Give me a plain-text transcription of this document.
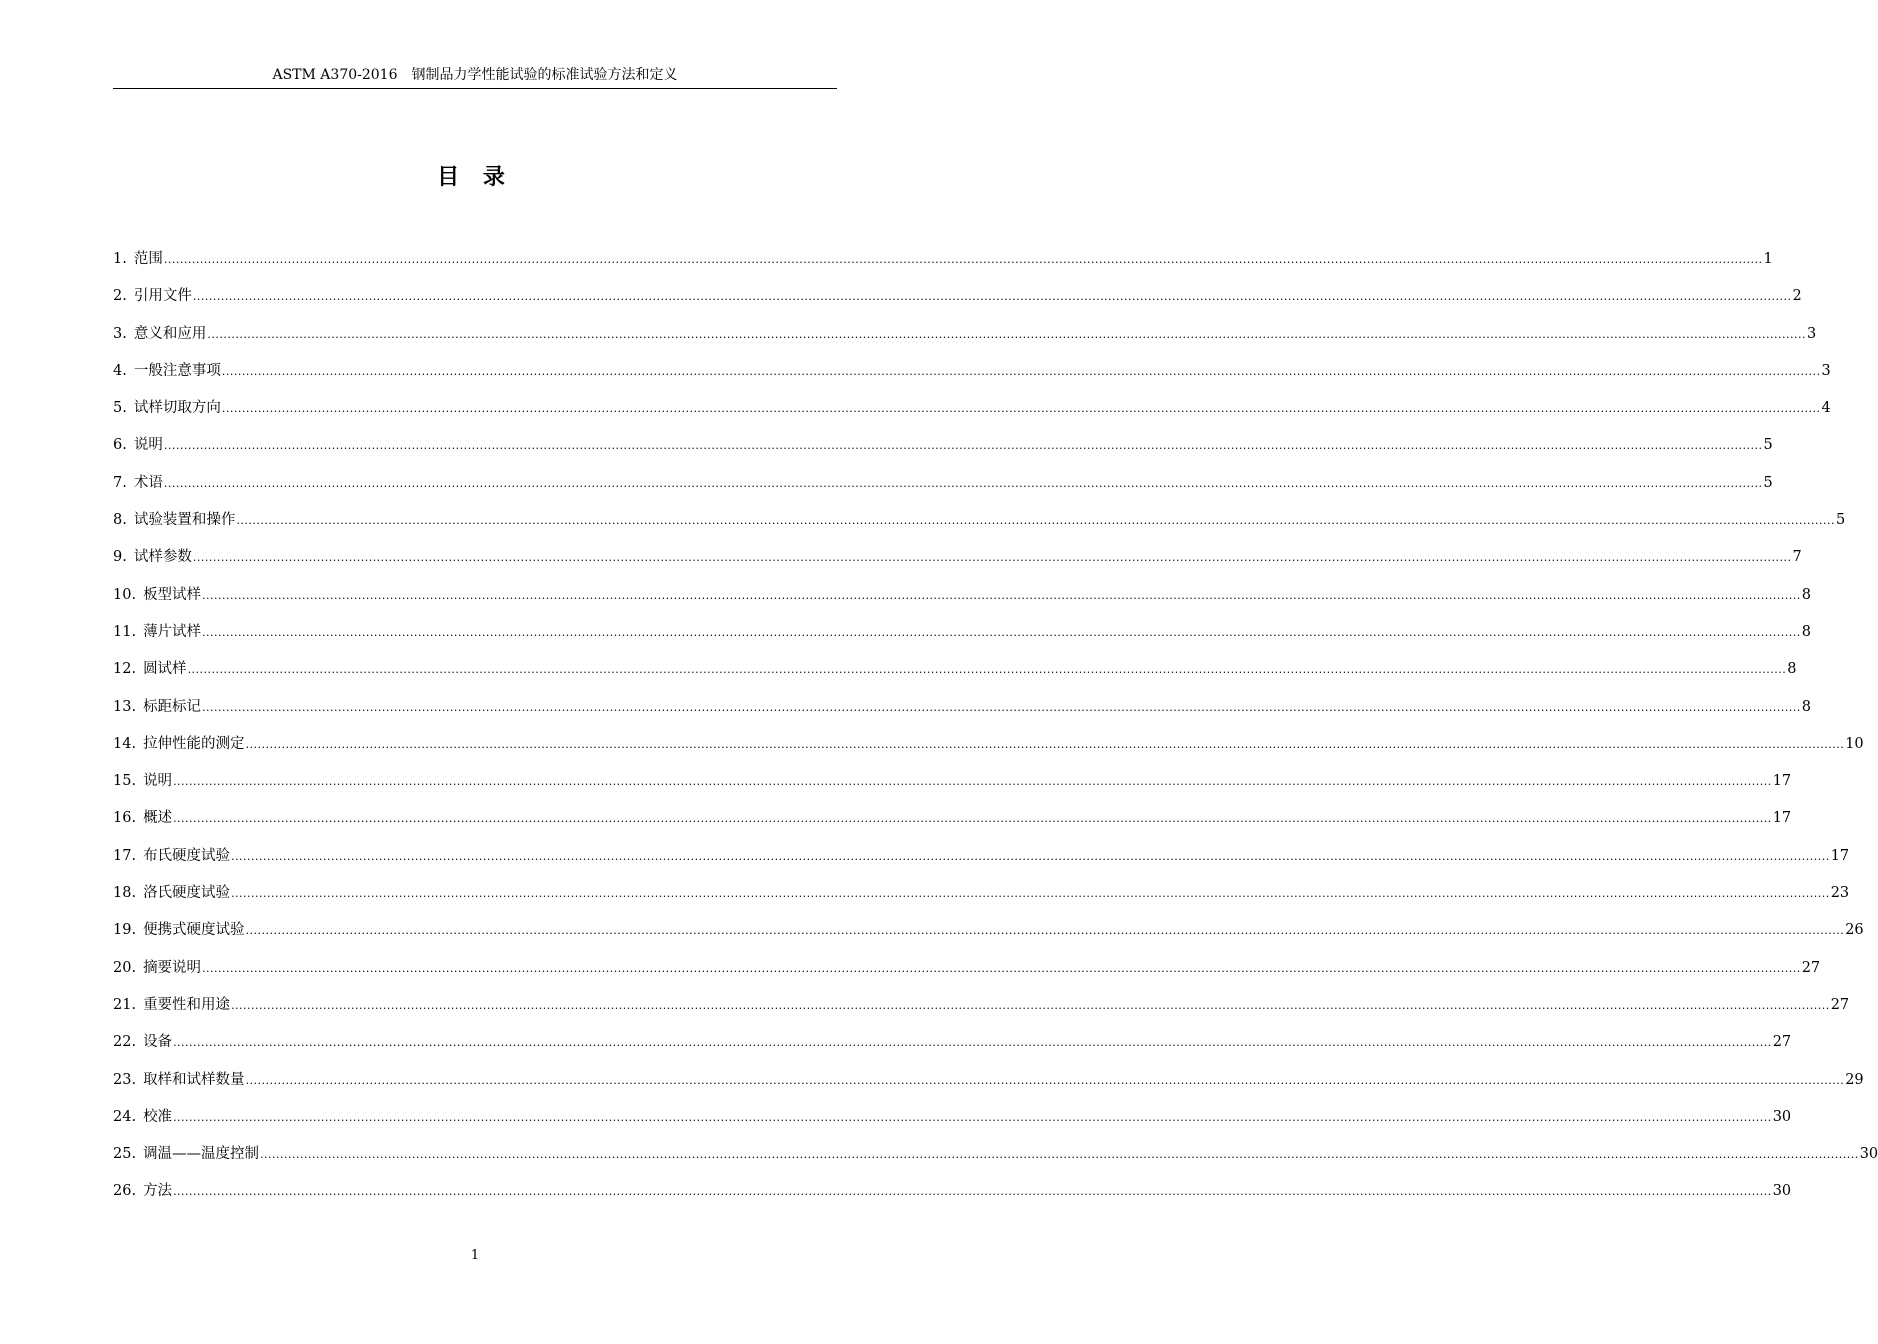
ASTM A370-2016　钢制品力学性能试验的标准试验方法和定义
目 录
1. 范围 ................................................................................................................................................................................................................................................................................................................................................................................................................ 1
2. 引用文件 ................................................................................................................................................................................................................................................................................................................................................................................................................ 2
3. 意义和应用 ................................................................................................................................................................................................................................................................................................................................................................................................................ 3
4. 一般注意事项 ................................................................................................................................................................................................................................................................................................................................................................................................................ 3
5. 试样切取方向 ................................................................................................................................................................................................................................................................................................................................................................................................................ 4
6. 说明 ................................................................................................................................................................................................................................................................................................................................................................................................................ 5
7. 术语 ................................................................................................................................................................................................................................................................................................................................................................................................................ 5
8. 试验装置和操作 ................................................................................................................................................................................................................................................................................................................................................................................................................ 5
9. 试样参数 ................................................................................................................................................................................................................................................................................................................................................................................................................ 7
10. 板型试样 ................................................................................................................................................................................................................................................................................................................................................................................................................ 8
11. 薄片试样 ................................................................................................................................................................................................................................................................................................................................................................................................................ 8
12. 圆试样 ................................................................................................................................................................................................................................................................................................................................................................................................................ 8
13. 标距标记 ................................................................................................................................................................................................................................................................................................................................................................................................................ 8
14. 拉伸性能的测定 ................................................................................................................................................................................................................................................................................................................................................................................................................ 10
15. 说明 ................................................................................................................................................................................................................................................................................................................................................................................................................ 17
16. 概述 ................................................................................................................................................................................................................................................................................................................................................................................................................ 17
17. 布氏硬度试验 ................................................................................................................................................................................................................................................................................................................................................................................................................ 17
18. 洛氏硬度试验 ................................................................................................................................................................................................................................................................................................................................................................................................................ 23
19. 便携式硬度试验 ................................................................................................................................................................................................................................................................................................................................................................................................................ 26
20. 摘要说明 ................................................................................................................................................................................................................................................................................................................................................................................................................ 27
21. 重要性和用途 ................................................................................................................................................................................................................................................................................................................................................................................................................ 27
22. 设备 ................................................................................................................................................................................................................................................................................................................................................................................................................ 27
23. 取样和试样数量 ................................................................................................................................................................................................................................................................................................................................................................................................................ 29
24. 校准 ................................................................................................................................................................................................................................................................................................................................................................................................................ 30
25. 调温——温度控制 ................................................................................................................................................................................................................................................................................................................................................................................................................ 30
26. 方法 ................................................................................................................................................................................................................................................................................................................................................................................................................ 30
1
